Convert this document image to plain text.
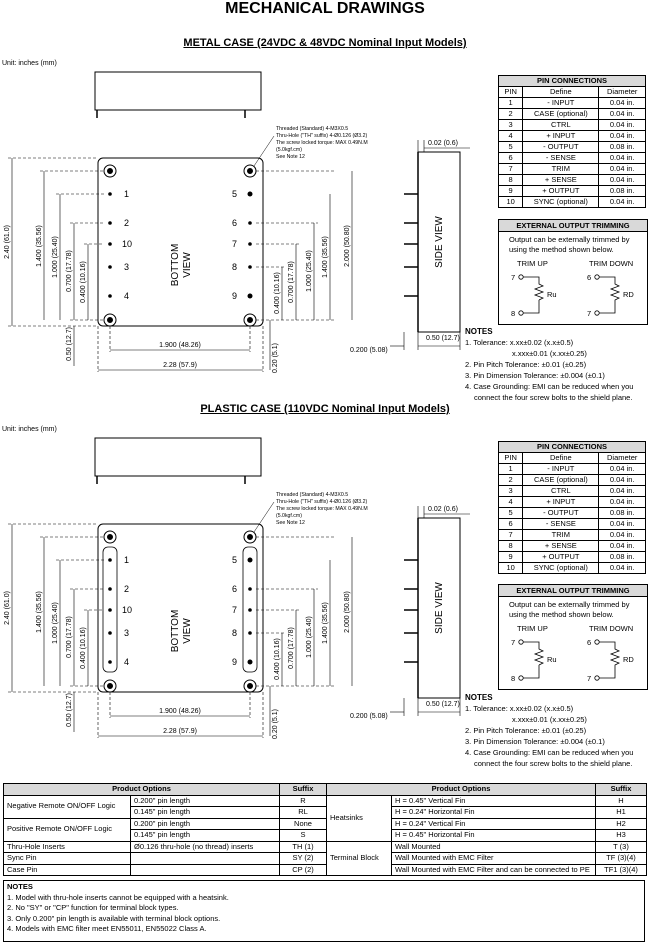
MECHANICAL DRAWINGS
METAL CASE (24VDC & 48VDC Nominal Input Models)
Unit: inches (mm)
1
2
10
3
4
5
6
7
8
9
BOTTOM VIEW
Threaded (Standard) 4-M3X0.5
Thru-Hole ("TH" suffix) 4-Ø0.126 (Ø3.2)
The screw locked torque: MAX 0.49N.M
(5.0kgf.cm)
See Note 12
2.40 (61.0)	1.400 (35.56) 1.000 (25.40) 0.700 (17.78) 0.400 (10.16)
0.50 (12.7)
0.400 (10.16) 0.700 (17.78) 1.000 (25.40) 1.400 (35.56) 2.000 (50.80)
0.20 (5.1)
1.900 (48.26)
2.28 (57.9)
0.200 (5.08)
0.50 (12.7)
0.02 (0.6)
SIDE VIEW
PIN CONNECTIONS		
PIN	Define	Diameter
1	- INPUT	0.04 in.
2	CASE (optional)	0.04 in.
3	CTRL	0.04 in.
4	+ INPUT	0.04 in.
5	- OUTPUT	0.08 in.
6	- SENSE	0.04 in.
7	TRIM	0.04 in.
8	+ SENSE	0.04 in.
9	+ OUTPUT	0.08 in.
10	SYNC (optional)	0.04 in.
EXTERNAL OUTPUT TRIMMING
Output can be externally trimmed by
using the method shown below.
TRIM UP	TRIM DOWN
7
8
6
7
Ru	RD
NOTES
1. Tolerance: x.xx±0.02 (x.x±0.5)
x.xxx±0.01 (x.xx±0.25)
2. Pin Pitch Tolerance: ±0.01 (±0.25)
3. Pin Dimension Tolerance: ±0.004 (±0.1)
4. Case Grounding: EMI can be reduced when you
connect the four screw bolts to the shield plane.
PLASTIC CASE (110VDC Nominal Input Models)
Unit: inches (mm)
1
2
10
3
4
5
6
7
8
9
BOTTOM VIEW
Threaded (Standard) 4-M3X0.5
Thru-Hole ("TH" suffix) 4-Ø0.126 (Ø3.2)
The screw locked torque: MAX 0.49N.M
(5.0kgf.cm)
See Note 12
2.40 (61.0)	1.400 (35.56) 1.000 (25.40) 0.700 (17.78) 0.400 (10.16)
0.50 (12.7)
0.400 (10.16) 0.700 (17.78) 1.000 (25.40) 1.400 (35.56) 2.000 (50.80)
0.20 (5.1)
1.900 (48.26)
2.28 (57.9)
0.200 (5.08)
0.50 (12.7)
0.02 (0.6)
SIDE VIEW
PIN CONNECTIONS		
PIN	Define	Diameter
1	- INPUT	0.04 in.
2	CASE (optional)	0.04 in.
3	CTRL	0.04 in.
4	+ INPUT	0.04 in.
5	- OUTPUT	0.08 in.
6	- SENSE	0.04 in.
7	TRIM	0.04 in.
8	+ SENSE	0.04 in.
9	+ OUTPUT	0.08 in.
10	SYNC (optional)	0.04 in.
EXTERNAL OUTPUT TRIMMING
Output can be externally trimmed by
using the method shown below.
TRIM UP	TRIM DOWN
7
8
6
7
Ru	RD
NOTES
1. Tolerance: x.xx±0.02 (x.x±0.5)
x.xxx±0.01 (x.xx±0.25)
2. Pin Pitch Tolerance: ±0.01 (±0.25)
3. Pin Dimension Tolerance: ±0.004 (±0.1)
4. Case Grounding: EMI can be reduced when you
connect the four screw bolts to the shield plane.
Product Options		Suffix	Product Options		Suffix
Negative Remote ON/OFF Logic	0.200" pin length	R	Heatsinks	H = 0.45" Vertical Fin	H
	0.145" pin length	RL		H = 0.24" Horizontal Fin	H1
Positive Remote ON/OFF Logic	0.200" pin length	None		H = 0.24" Vertical Fin	H2
	0.145" pin length	S		H = 0.45" Horizontal Fin	H3
Thru-Hole Inserts	Ø0.126 thru-hole (no thread) inserts	TH (1)	Terminal Block	Wall Mounted	T (3)
Sync Pin		SY (2)		Wall Mounted with EMC Filter	TF (3)(4)
Case Pin		CP (2)		Wall Mounted with EMC Filter and can be connected to PE	TF1 (3)(4)
NOTES
1. Model with thru-hole inserts cannot be equipped with a heatsink.
2. No "SY" or "CP" function for terminal block types.
3. Only 0.200" pin length is available with terminal block options.
4. Models with EMC filter meet EN55011, EN55022 Class A.
